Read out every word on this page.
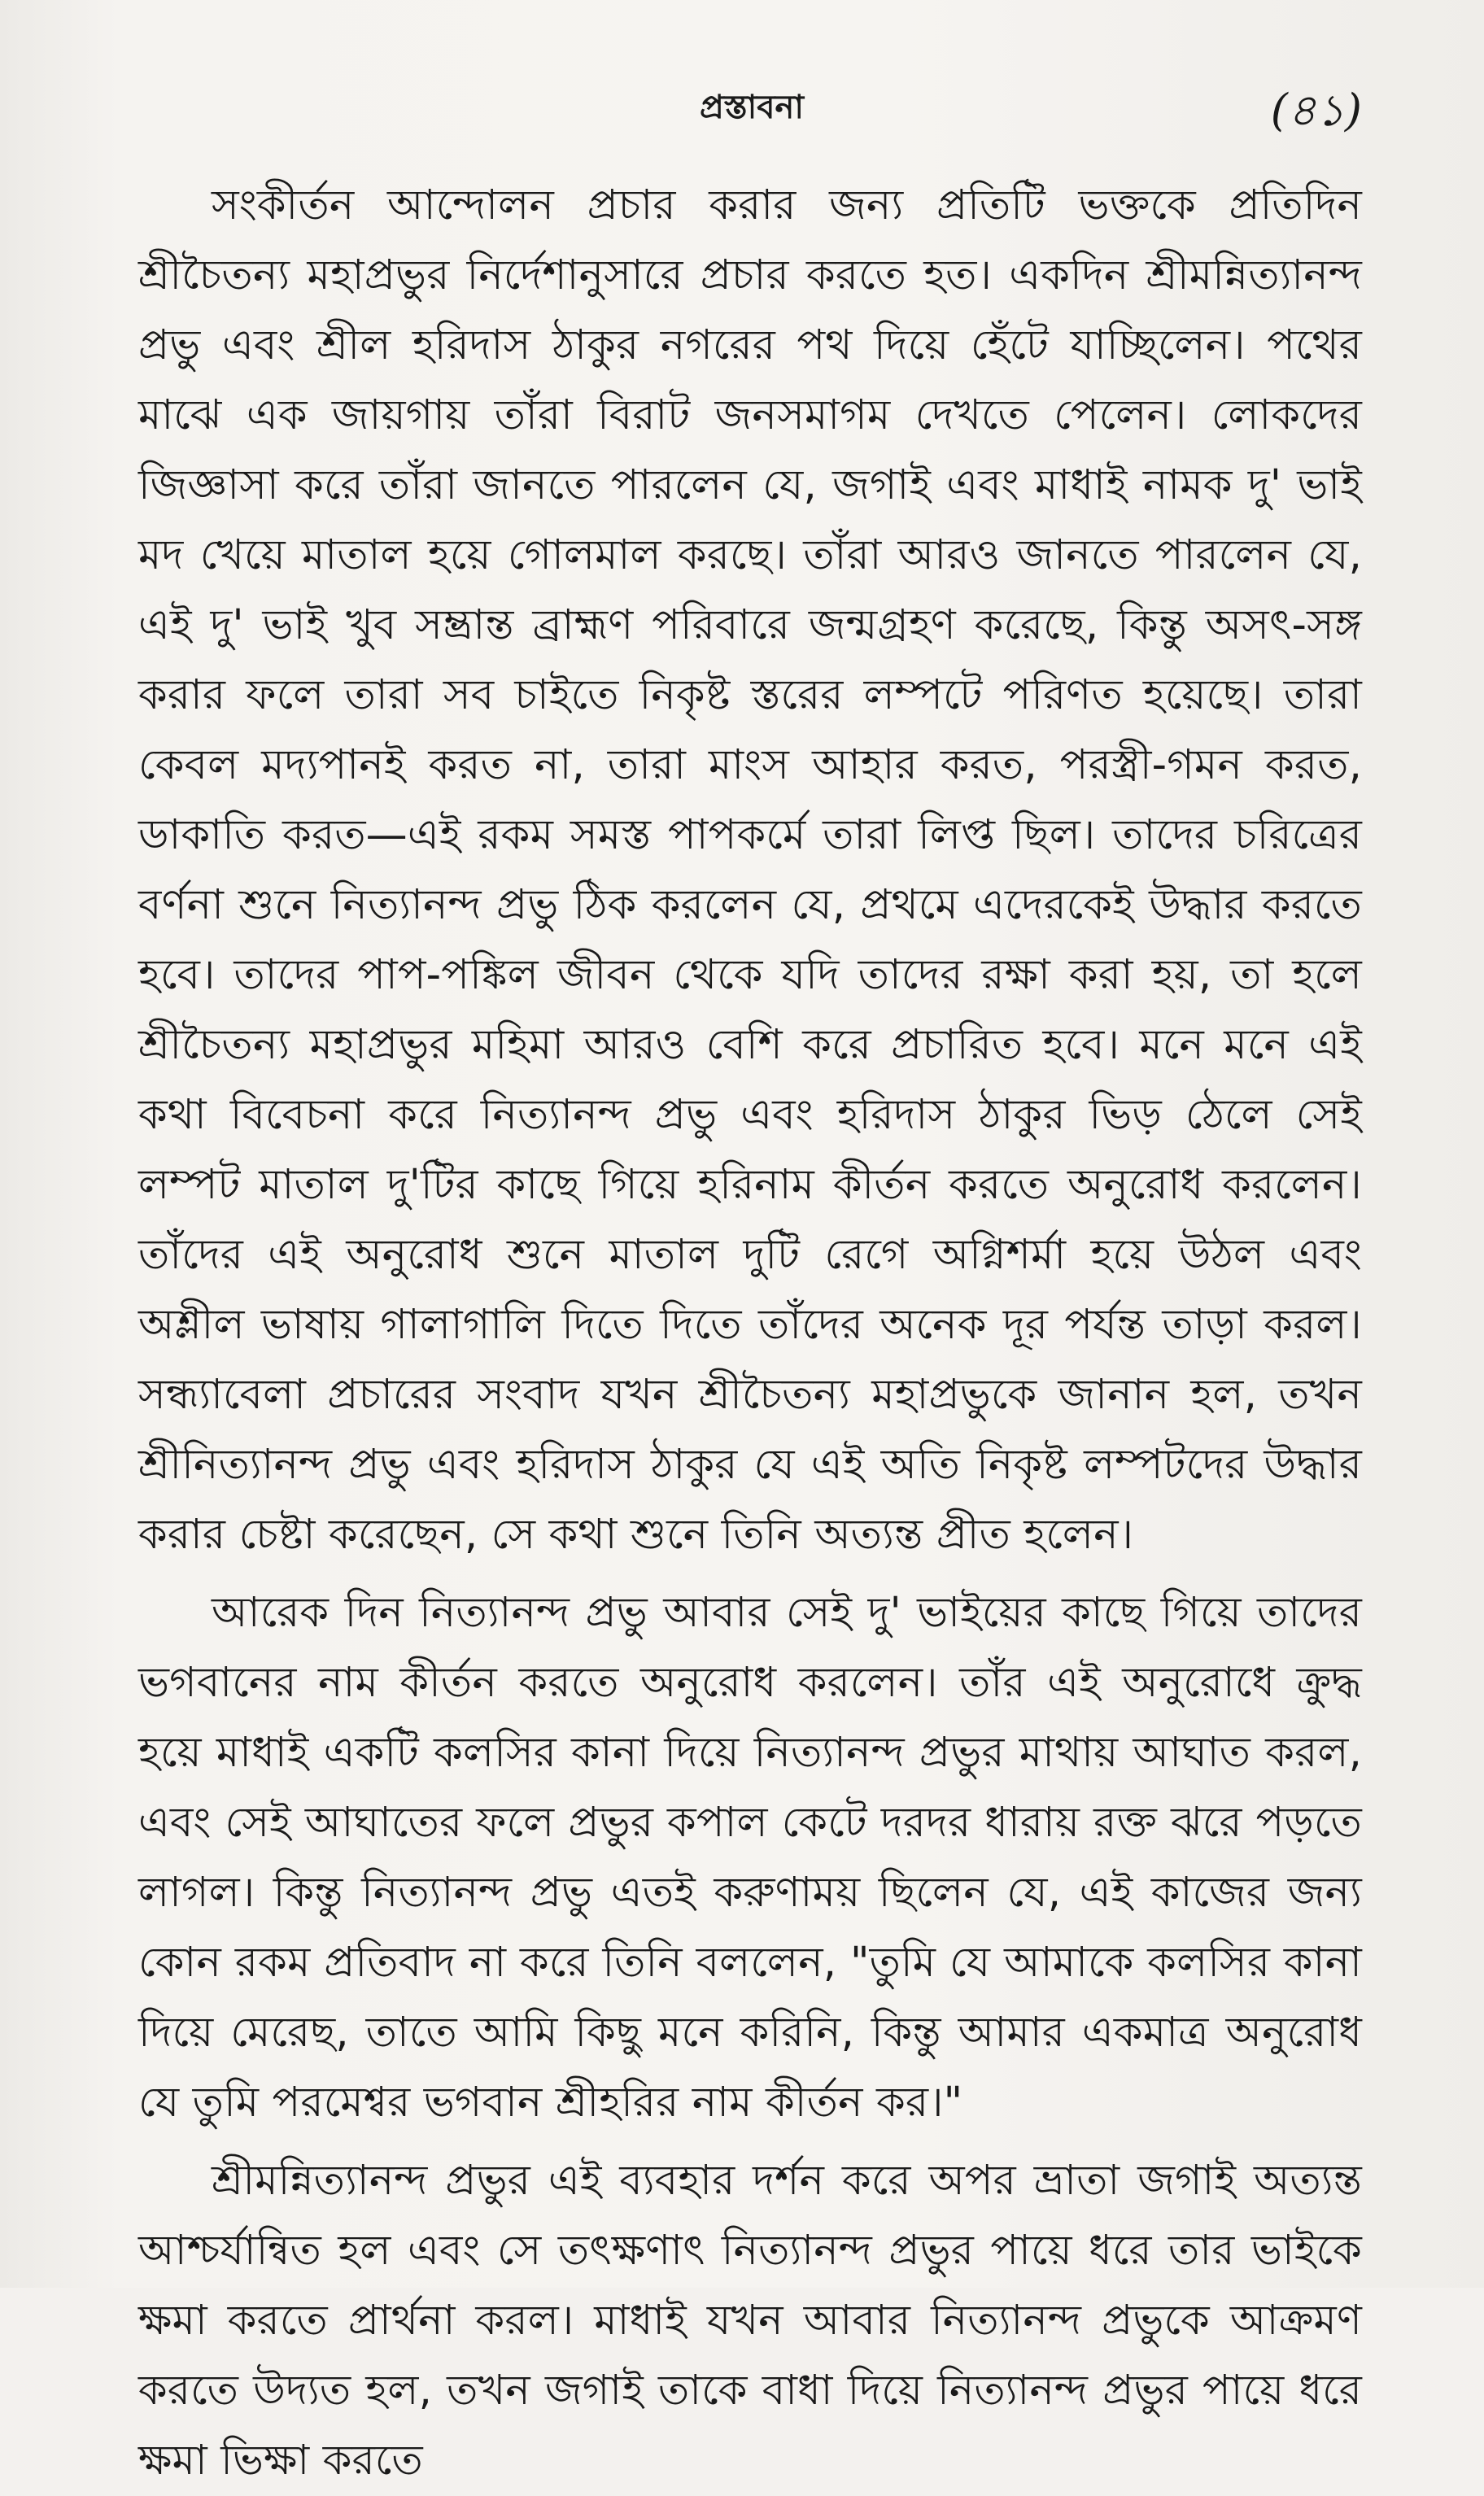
প্রস্তাবনা	(৪১)

সংকীর্তন আন্দোলন প্রচার করার জন্য প্রতিটি ভক্তকে প্রতিদিন শ্রীচৈতন্য মহাপ্রভুর নির্দেশানুসারে প্রচার করতে হত। একদিন শ্রীমন্নিত্যানন্দ প্রভু এবং শ্রীল হরিদাস ঠাকুর নগরের পথ দিয়ে হেঁটে যাচ্ছিলেন। পথের মাঝে এক জায়গায় তাঁরা বিরাট জনসমাগম দেখতে পেলেন। লোকদের জিজ্ঞাসা করে তাঁরা জানতে পারলেন যে, জগাই এবং মাধাই নামক দু' ভাই মদ খেয়ে মাতাল হয়ে গোলমাল করছে। তাঁরা আরও জানতে পারলেন যে, এই দু' ভাই খুব সম্ভ্রান্ত ব্রাহ্মণ পরিবারে জন্মগ্রহণ করেছে, কিন্তু অসৎ-সঙ্গ করার ফলে তারা সব চাইতে নিকৃষ্ট স্তরের লম্পটে পরিণত হয়েছে। তারা কেবল মদ্যপানই করত না, তারা মাংস আহার করত, পরস্ত্রী-গমন করত, ডাকাতি করত—এই রকম সমস্ত পাপকর্মে তারা লিপ্ত ছিল। তাদের চরিত্রের বর্ণনা শুনে নিত্যানন্দ প্রভু ঠিক করলেন যে, প্রথমে এদেরকেই উদ্ধার করতে হবে। তাদের পাপ-পঙ্কিল জীবন থেকে যদি তাদের রক্ষা করা হয়, তা হলে শ্রীচৈতন্য মহাপ্রভুর মহিমা আরও বেশি করে প্রচারিত হবে। মনে মনে এই কথা বিবেচনা করে নিত্যানন্দ প্রভু এবং হরিদাস ঠাকুর ভিড় ঠেলে সেই লম্পট মাতাল দু'টির কাছে গিয়ে হরিনাম কীর্তন করতে অনুরোধ করলেন। তাঁদের এই অনুরোধ শুনে মাতাল দুটি রেগে অগ্নিশর্মা হয়ে উঠল এবং অশ্লীল ভাষায় গালাগালি দিতে দিতে তাঁদের অনেক দূর পর্যন্ত তাড়া করল। সন্ধ্যাবেলা প্রচারের সংবাদ যখন শ্রীচৈতন্য মহাপ্রভুকে জানান হল, তখন শ্রীনিত্যানন্দ প্রভু এবং হরিদাস ঠাকুর যে এই অতি নিকৃষ্ট লম্পটদের উদ্ধার করার চেষ্টা করেছেন, সে কথা শুনে তিনি অত্যন্ত প্রীত হলেন।

আরেক দিন নিত্যানন্দ প্রভু আবার সেই দু' ভাইয়ের কাছে গিয়ে তাদের ভগবানের নাম কীর্তন করতে অনুরোধ করলেন। তাঁর এই অনুরোধে ক্রুদ্ধ হয়ে মাধাই একটি কলসির কানা দিয়ে নিত্যানন্দ প্রভুর মাথায় আঘাত করল, এবং সেই আঘাতের ফলে প্রভুর কপাল কেটে দরদর ধারায় রক্ত ঝরে পড়তে লাগল। কিন্তু নিত্যানন্দ প্রভু এতই করুণাময় ছিলেন যে, এই কাজের জন্য কোন রকম প্রতিবাদ না করে তিনি বললেন, "তুমি যে আমাকে কলসির কানা দিয়ে মেরেছ, তাতে আমি কিছু মনে করিনি, কিন্তু আমার একমাত্র অনুরোধ যে তুমি পরমেশ্বর ভগবান শ্রীহরির নাম কীর্তন কর।"

শ্রীমন্নিত্যানন্দ প্রভুর এই ব্যবহার দর্শন করে অপর ভ্রাতা জগাই অত্যন্ত আশ্চর্যান্বিত হল এবং সে তৎক্ষণাৎ নিত্যানন্দ প্রভুর পায়ে ধরে তার ভাইকে ক্ষমা করতে প্রার্থনা করল। মাধাই যখন আবার নিত্যানন্দ প্রভুকে আক্রমণ করতে উদ্যত হল, তখন জগাই তাকে বাধা দিয়ে নিত্যানন্দ প্রভুর পায়ে ধরে ক্ষমা ভিক্ষা করতে
